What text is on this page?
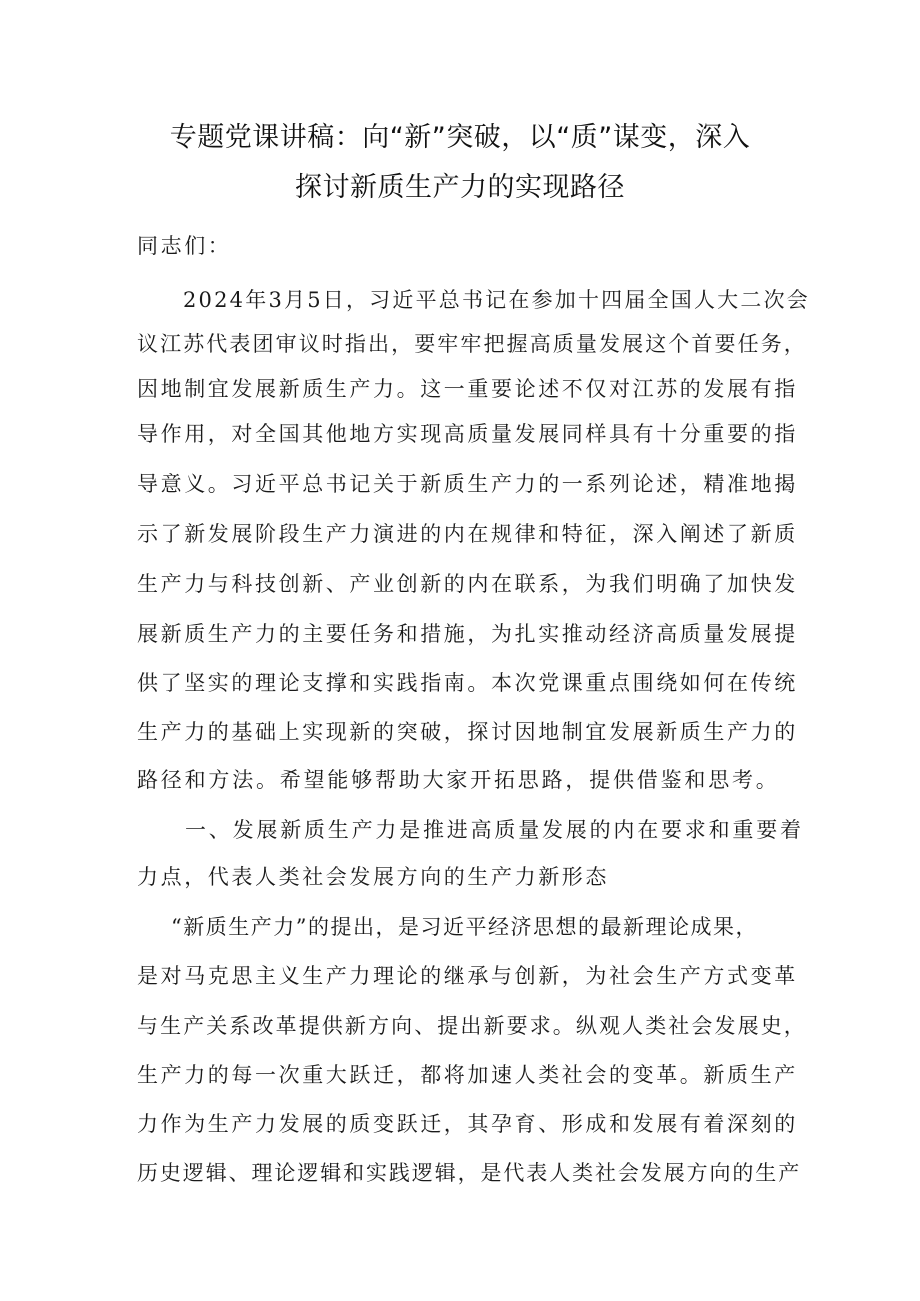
专题党课讲稿：向“新”突破，以“质”谋变，深入
探讨新质生产力的实现路径
同志们：
2024年3月5日，习近平总书记在参加十四届全国人大二次会
议江苏代表团审议时指出，要牢牢把握高质量发展这个首要任务，
因地制宜发展新质生产力。这一重要论述不仅对江苏的发展有指
导作用，对全国其他地方实现高质量发展同样具有十分重要的指
导意义。习近平总书记关于新质生产力的一系列论述，精准地揭
示了新发展阶段生产力演进的内在规律和特征，深入阐述了新质
生产力与科技创新、产业创新的内在联系，为我们明确了加快发
展新质生产力的主要任务和措施，为扎实推动经济高质量发展提
供了坚实的理论支撑和实践指南。本次党课重点围绕如何在传统
生产力的基础上实现新的突破，探讨因地制宜发展新质生产力的
路径和方法。希望能够帮助大家开拓思路，提供借鉴和思考。
一、发展新质生产力是推进高质量发展的内在要求和重要着
力点，代表人类社会发展方向的生产力新形态
“新质生产力”的提出，是习近平经济思想的最新理论成果，
是对马克思主义生产力理论的继承与创新，为社会生产方式变革
与生产关系改革提供新方向、提出新要求。纵观人类社会发展史，
生产力的每一次重大跃迁，都将加速人类社会的变革。新质生产
力作为生产力发展的质变跃迁，其孕育、形成和发展有着深刻的
历史逻辑、理论逻辑和实践逻辑，是代表人类社会发展方向的生产
